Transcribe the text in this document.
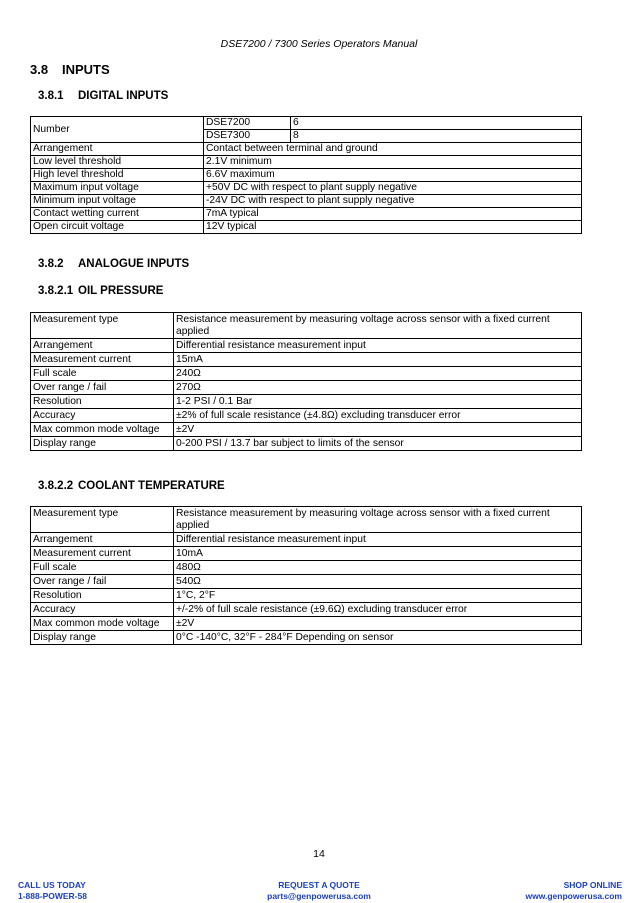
DSE7200 / 7300 Series Operators Manual
3.8 INPUTS
3.8.1 DIGITAL INPUTS
Number	DSE7200	6
	DSE7300	8
Arrangement	Contact between terminal and ground	
Low level threshold	2.1V minimum	
High level threshold	6.6V maximum	
Maximum input voltage	+50V DC with respect to plant supply negative	
Minimum input voltage	-24V DC with respect to plant supply negative	
Contact wetting current	7mA typical	
Open circuit voltage	12V typical	
3.8.2 ANALOGUE INPUTS
3.8.2.1 OIL PRESSURE
Measurement type	Resistance measurement by measuring voltage across sensor with a fixed current applied
Arrangement	Differential resistance measurement input
Measurement current	15mA
Full scale	240Ω
Over range / fail	270Ω
Resolution	1-2 PSI / 0.1 Bar
Accuracy	±2% of full scale resistance (±4.8Ω) excluding transducer error
Max common mode voltage	±2V
Display range	0-200 PSI / 13.7 bar subject to limits of the sensor
3.8.2.2 COOLANT TEMPERATURE
Measurement type	Resistance measurement by measuring voltage across sensor with a fixed current applied
Arrangement	Differential resistance measurement input
Measurement current	10mA
Full scale	480Ω
Over range / fail	540Ω
Resolution	1°C, 2°F
Accuracy	+/-2% of full scale resistance (±9.6Ω) excluding transducer error
Max common mode voltage	±2V
Display range	0°C -140°C, 32°F - 284°F Depending on sensor
14
CALL US TODAY
1-888-POWER-58
REQUEST A QUOTE
parts@genpowerusa.com
SHOP ONLINE
www.genpowerusa.com
